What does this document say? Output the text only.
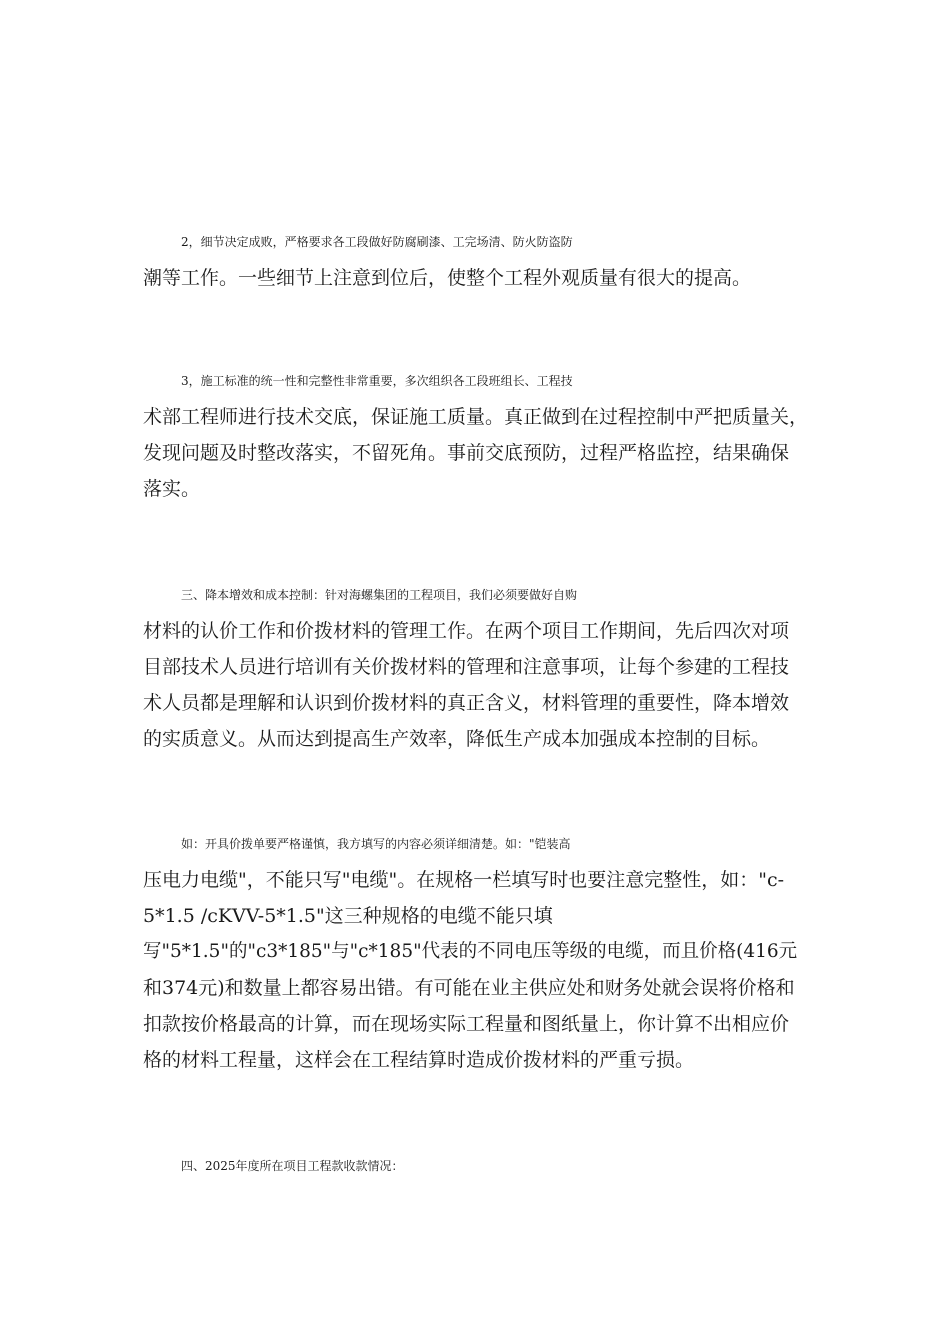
2，细节决定成败，严格要求各工段做好防腐刷漆、工完场清、防火防盗防
潮等工作。一些细节上注意到位后，使整个工程外观质量有很大的提高。
3，施工标准的统一性和完整性非常重要，多次组织各工段班组长、工程技
术部工程师进行技术交底，保证施工质量。真正做到在过程控制中严把质量关，
发现问题及时整改落实，不留死角。事前交底预防，过程严格监控，结果确保
落实。
三、降本增效和成本控制：针对海螺集团的工程项目，我们必须要做好自购
材料的认价工作和价拨材料的管理工作。在两个项目工作期间，先后四次对项
目部技术人员进行培训有关价拨材料的管理和注意事项，让每个参建的工程技
术人员都是理解和认识到价拨材料的真正含义，材料管理的重要性，降本增效
的实质意义。从而达到提高生产效率，降低生产成本加强成本控制的目标。
如：开具价拨单要严格谨慎，我方填写的内容必须详细清楚。如："铠装高
压电力电缆"，不能只写"电缆"。在规格一栏填写时也要注意完整性，如："c-
5*1.5 /cKVV-5*1.5"这三种规格的电缆不能只填
写"5*1.5"的"c3*185"与"c*185"代表的不同电压等级的电缆，而且价格(416元
和374元)和数量上都容易出错。有可能在业主供应处和财务处就会误将价格和
扣款按价格最高的计算，而在现场实际工程量和图纸量上，你计算不出相应价
格的材料工程量，这样会在工程结算时造成价拨材料的严重亏损。
四、2025年度所在项目工程款收款情况：
